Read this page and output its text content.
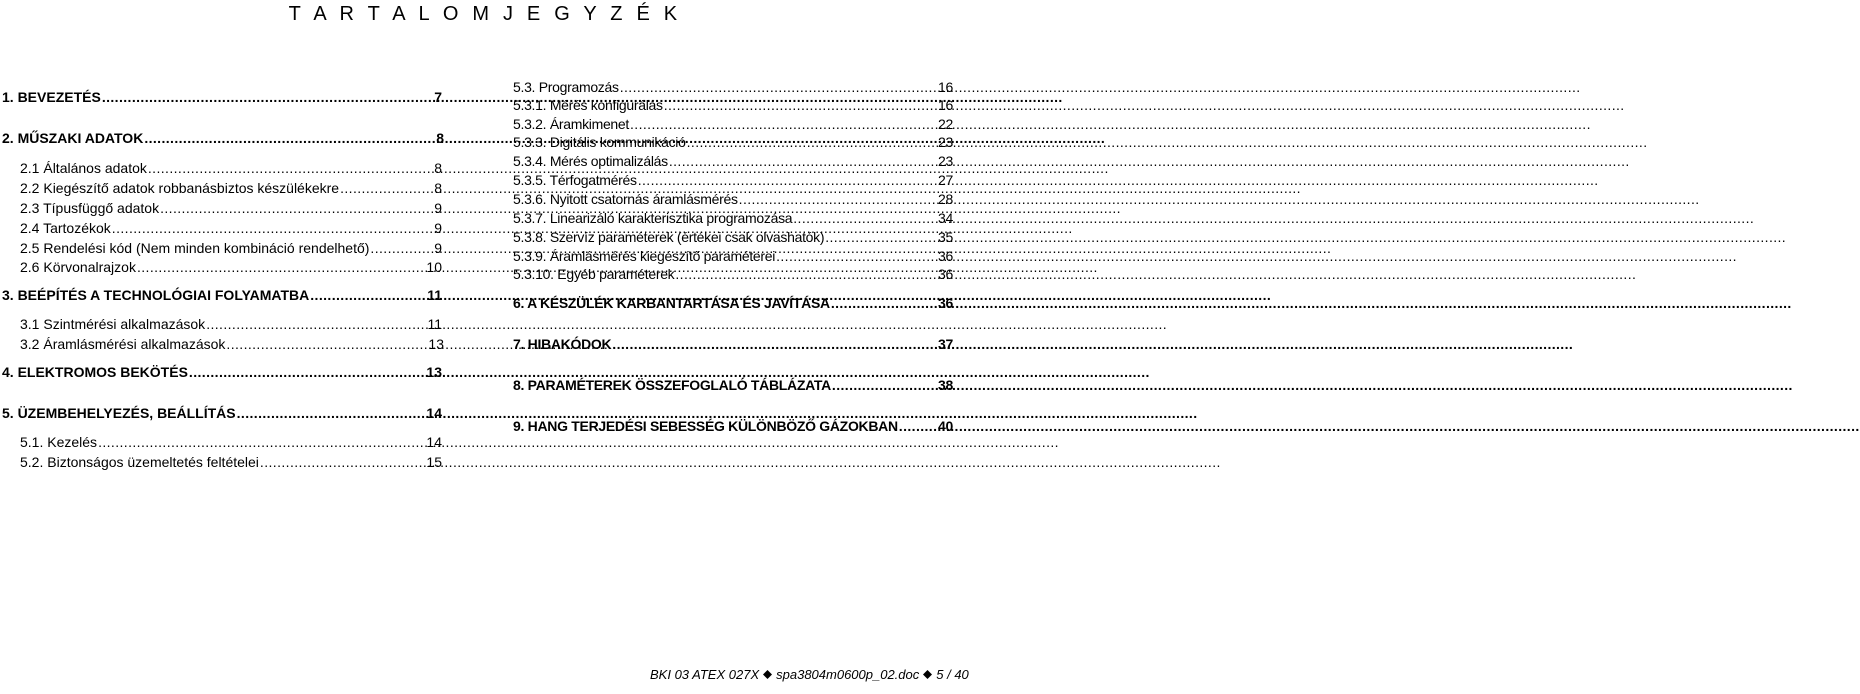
T A R T A L O M J E G Y Z É K
1. BEVEZETÉS .....	7
2. MŰSZAKI ADATOK .....	8
2.1 Általános adatok .....	8
2.2 Kiegészítő adatok robbanásbiztos készülékekre .....	8
2.3 Típusfüggő adatok .....	9
2.4 Tartozékok .....	9
2.5 Rendelési kód (Nem minden kombináció rendelhető) .....	9
2.6 Körvonalrajzok .....	10
3. BEÉPÍTÉS A TECHNOLÓGIAI FOLYAMATBA .....	11
3.1 Szintmérési alkalmazások .....	11
3.2 Áramlásmérési alkalmazások .....	13
4. ELEKTROMOS BEKÖTÉS .....	13
5. ÜZEMBEHELYEZÉS, BEÁLLÍTÁS .....	14
5.1. Kezelés .....	14
5.2. Biztonságos üzemeltetés feltételei .....	15
5.3. Programozás .....	16
5.3.1. Mérés konfigurálás .....	16
5.3.2. Áramkimenet .....	22
5.3.3. Digitális kommunikáció .....	23
5.3.4. Mérés optimalizálás .....	23
5.3.5. Térfogatmérés .....	27
5.3.6. Nyitott csatornás áramlásmérés .....	28
5.3.7. Linearizáló karakterisztika programozása .....	34
5.3.8. Szervíz paraméterek (értékei csak olvashatók) .....	35
5.3.9. Áramlásmérés kiegészítő paraméterei .....	36
5.3.10. Egyéb paraméterek .....	36
6. A KÉSZÜLÉK KARBANTARTÁSA ÉS JAVÍTÁSA .....	36
7. HIBAKÓDOK .....	37
8. PARAMÉTEREK ÖSSZEFOGLALÓ TÁBLÁZATA .....	38
9. HANG TERJEDÉSI SEBESSÉG KÜLÖNBÖZŐ GÁZOKBAN .....	40
BKI 03 ATEX 027X spa3804m0600p_02.doc 5 / 40
